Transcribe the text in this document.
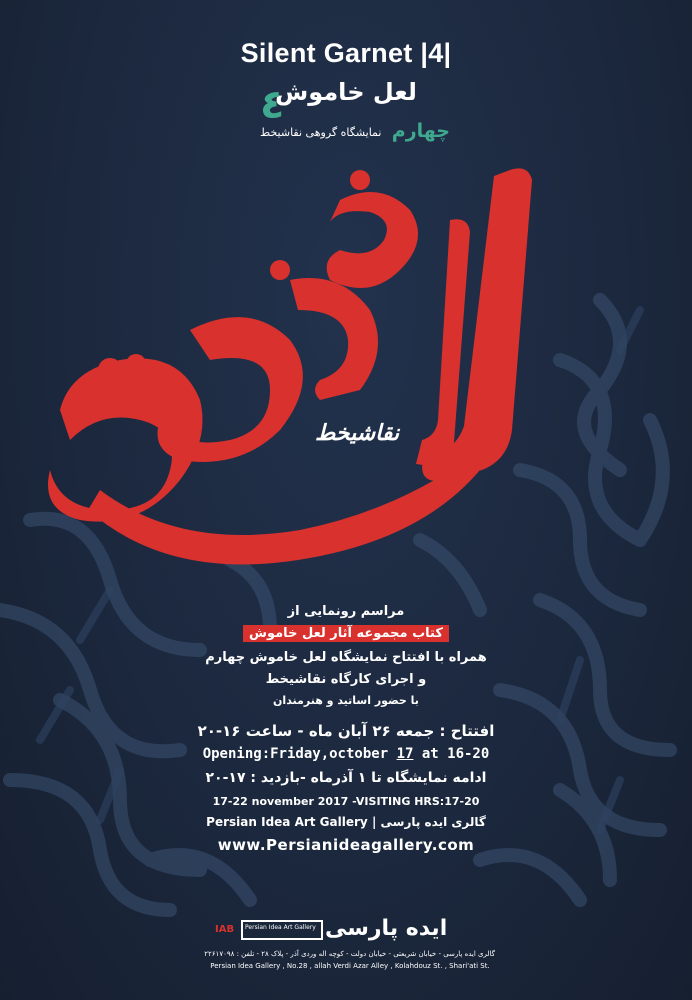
Silent Garnet |4|
لعل خاموش
٤
چهارم
نمایشگاه گروهی نقاشیخط
نقاشیخط
مراسم رونمایی از
کتاب مجموعه آثار لعل خاموش
همراه با افتتاح نمایشگاه لعل خاموش چهارم
و اجرای کارگاه نقاشیخط
با حضور اساتید و هنرمندان
افتتاح : جمعه ۲۶ آبان ماه - ساعت ۱۶-۲۰
Opening:Friday,october 17 at 16-20
ادامه نمایشگاه تا ۱ آذرماه -بازدید : ۱۷-۲۰
17-22 november 2017 -VISITING HRS:17-20
Persian Idea Art Gallery | گالری ایده پارسی
www.Persianideagallery.com
IAB Persian Idea Art Gallery ایده پارسی
گالری ایده پارسی - خیابان شریعتی - خیابان دولت - کوچه اله وردی آذر - پلاک ۲۸ - تلفن : ۲۲۶۱۷۰۹۸
Persian Idea Gallery , No.28 , allah Verdi Azar Alley , Kolahdouz St. , Shari'ati St.
